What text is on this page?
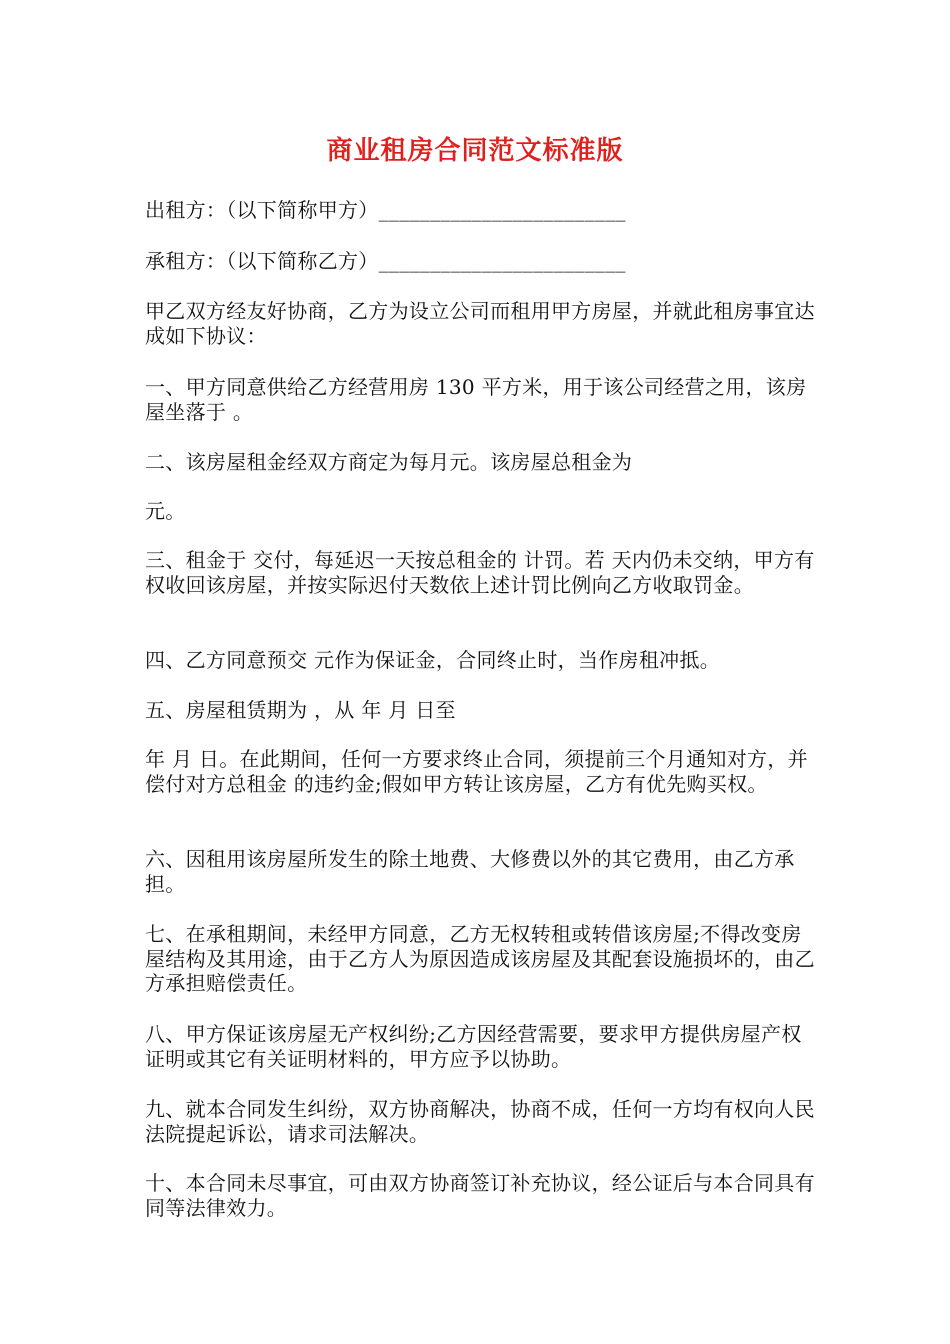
商业租房合同范文标准版

出租方：（以下简称甲方）________________________

承租方：（以下简称乙方）________________________

甲乙双方经友好协商，乙方为设立公司而租用甲方房屋，并就此租房事宜达成如下协议：

一、甲方同意供给乙方经营用房 130 平方米，用于该公司经营之用，该房屋坐落于 。

二、该房屋租金经双方商定为每月元。该房屋总租金为

元。

三、租金于 交付，每延迟一天按总租金的 计罚。若 天内仍未交纳，甲方有权收回该房屋，并按实际迟付天数依上述计罚比例向乙方收取罚金。

四、乙方同意预交 元作为保证金，合同终止时，当作房租冲抵。

五、房屋租赁期为 ，从 年 月 日至

年 月 日。在此期间，任何一方要求终止合同，须提前三个月通知对方，并偿付对方总租金 的违约金;假如甲方转让该房屋，乙方有优先购买权。

六、因租用该房屋所发生的除土地费、大修费以外的其它费用，由乙方承担。

七、在承租期间，未经甲方同意，乙方无权转租或转借该房屋;不得改变房屋结构及其用途，由于乙方人为原因造成该房屋及其配套设施损坏的，由乙方承担赔偿责任。

八、甲方保证该房屋无产权纠纷;乙方因经营需要，要求甲方提供房屋产权证明或其它有关证明材料的，甲方应予以协助。

九、就本合同发生纠纷，双方协商解决，协商不成，任何一方均有权向人民法院提起诉讼，请求司法解决。

十、本合同未尽事宜，可由双方协商签订补充协议，经公证后与本合同具有同等法律效力。
